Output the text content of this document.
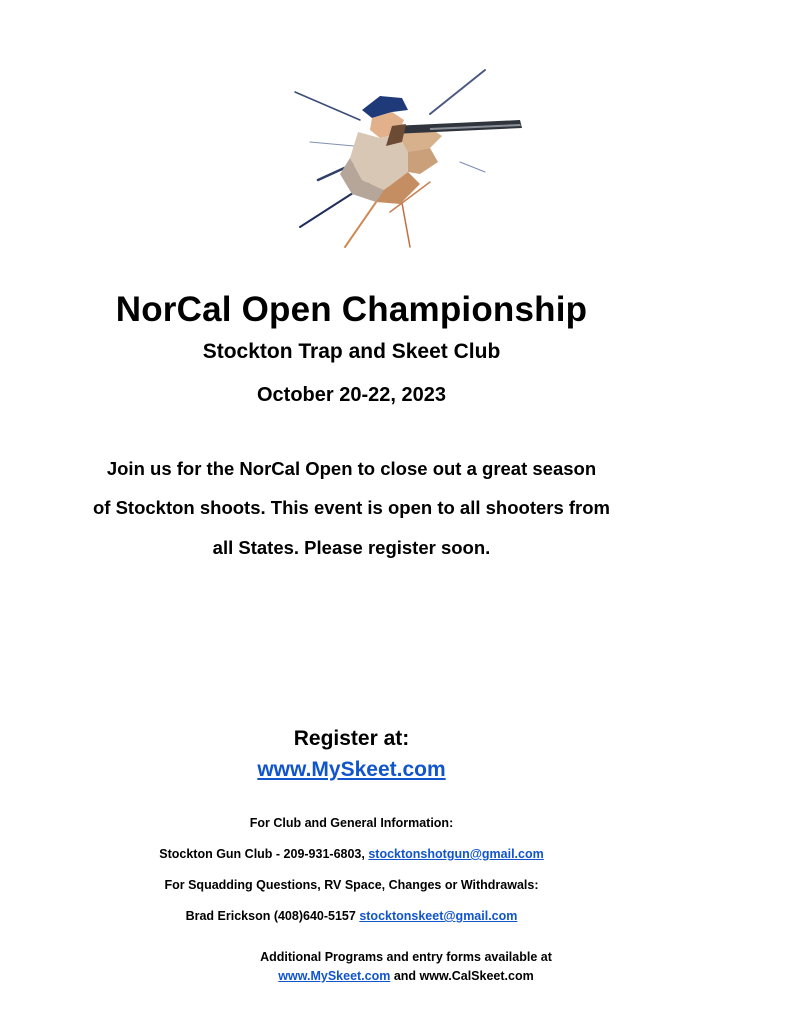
NorCal Open Championship
Stockton Trap and Skeet Club
October 20-22, 2023
Join us for the NorCal Open to close out a great season
of Stockton shoots. This event is open to all shooters from
all States. Please register soon.
Register at:
www.MySkeet.com
For Club and General Information:
Stockton Gun Club - 209-931-6803, stocktonshotgun@gmail.com
For Squadding Questions, RV Space, Changes or Withdrawals:
Brad Erickson (408)640-5157 stocktonskeet@gmail.com
Additional Programs and entry forms available at
www.MySkeet.com and www.CalSkeet.com
